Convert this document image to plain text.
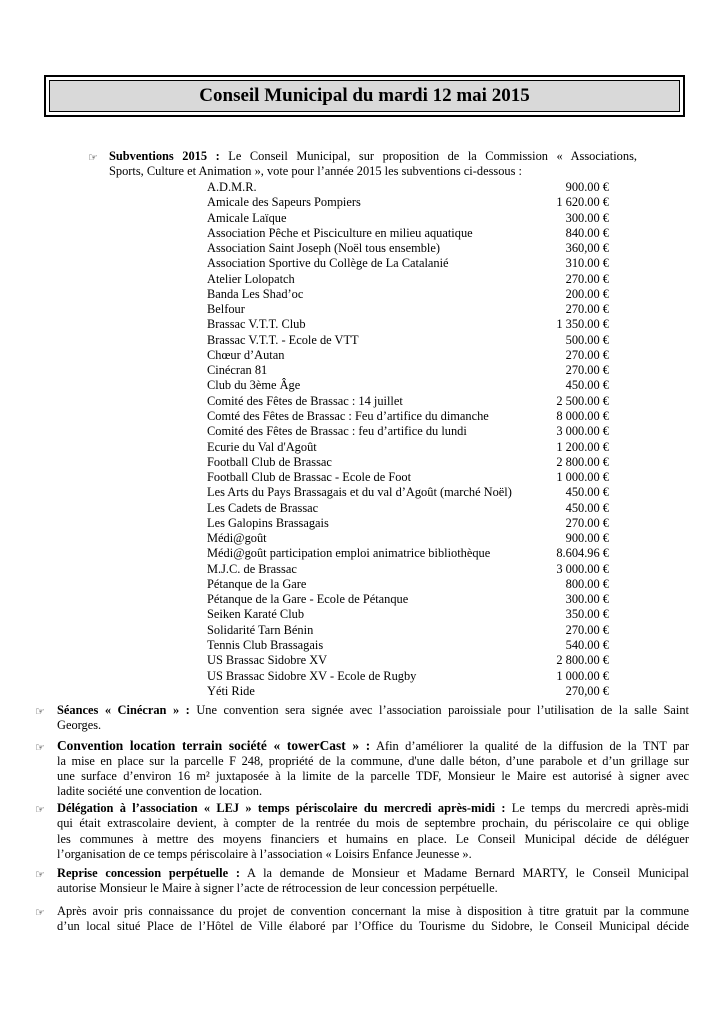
Conseil Municipal du mardi 12 mai 2015
☞ Subventions 2015 : Le Conseil Municipal, sur proposition de la Commission « Associations,
Sports, Culture et Animation », vote pour l’année 2015 les subventions ci-dessous :
A.D.M.R.	900.00 €
Amicale des Sapeurs Pompiers	1 620.00 €
Amicale Laïque	300.00 €
Association Pêche et Pisciculture en milieu aquatique	840.00 €
Association Saint Joseph (Noël tous ensemble)	360,00 €
Association Sportive du Collège de La Catalanié	310.00 €
Atelier Lolopatch	270.00 €
Banda Les Shad’oc	200.00 €
Belfour	270.00 €
Brassac V.T.T. Club	1 350.00 €
Brassac V.T.T. - Ecole de VTT	500.00 €
Chœur d’Autan	270.00 €
Cinécran 81	270.00 €
Club du 3ème Âge	450.00 €
Comité des Fêtes de Brassac : 14 juillet	2 500.00 €
Comté des Fêtes de Brassac : Feu d’artifice du dimanche	8 000.00 €
Comité des Fêtes de Brassac : feu d’artifice du lundi	3 000.00 €
Ecurie du Val d'Agoût	1 200.00 €
Football Club de Brassac	2 800.00 €
Football Club de Brassac - Ecole de Foot	1 000.00 €
Les Arts du Pays Brassagais et du val d’Agoût (marché Noël)	450.00 €
Les Cadets de Brassac	450.00 €
Les Galopins Brassagais	270.00 €
Médi@goût	900.00 €
Médi@goût participation emploi animatrice bibliothèque	8.604.96 €
M.J.C. de Brassac	3 000.00 €
Pétanque de la Gare	800.00 €
Pétanque de la Gare - Ecole de Pétanque	300.00 €
Seiken Karaté Club	350.00 €
Solidarité Tarn Bénin	270.00 €
Tennis Club Brassagais	540.00 €
US Brassac Sidobre XV	2 800.00 €
US Brassac Sidobre XV - Ecole de Rugby	1 000.00 €
Yéti Ride	270,00 €
☞ Séances « Cinécran » : Une convention sera signée avec l’association paroissiale pour l’utilisation de la salle Saint
Georges.
☞ Convention location terrain société « towerCast » : Afin d’améliorer la qualité de la diffusion de la TNT par
la mise en place sur la parcelle F 248, propriété de la commune, d'une dalle béton, d’une parabole et d’un grillage sur
une surface d’environ 16 m² juxtaposée à la limite de la parcelle TDF, Monsieur le Maire est autorisé à signer avec
ladite société une convention de location.
☞ Délégation à l’association « LEJ » temps périscolaire du mercredi après-midi : Le temps du mercredi après-midi
qui était extrascolaire devient, à compter de la rentrée du mois de septembre prochain, du périscolaire ce qui oblige
les communes à mettre des moyens financiers et humains en place. Le Conseil Municipal décide de déléguer
l’organisation de ce temps périscolaire à l’association « Loisirs Enfance Jeunesse ».
☞ Reprise concession perpétuelle : A la demande de Monsieur et Madame Bernard MARTY, le Conseil Municipal
autorise Monsieur le Maire à signer l’acte de rétrocession de leur concession perpétuelle.
☞ Après avoir pris connaissance du projet de convention concernant la mise à disposition à titre gratuit par la commune
d’un local situé Place de l’Hôtel de Ville élaboré par l’Office du Tourisme du Sidobre, le Conseil Municipal décide
